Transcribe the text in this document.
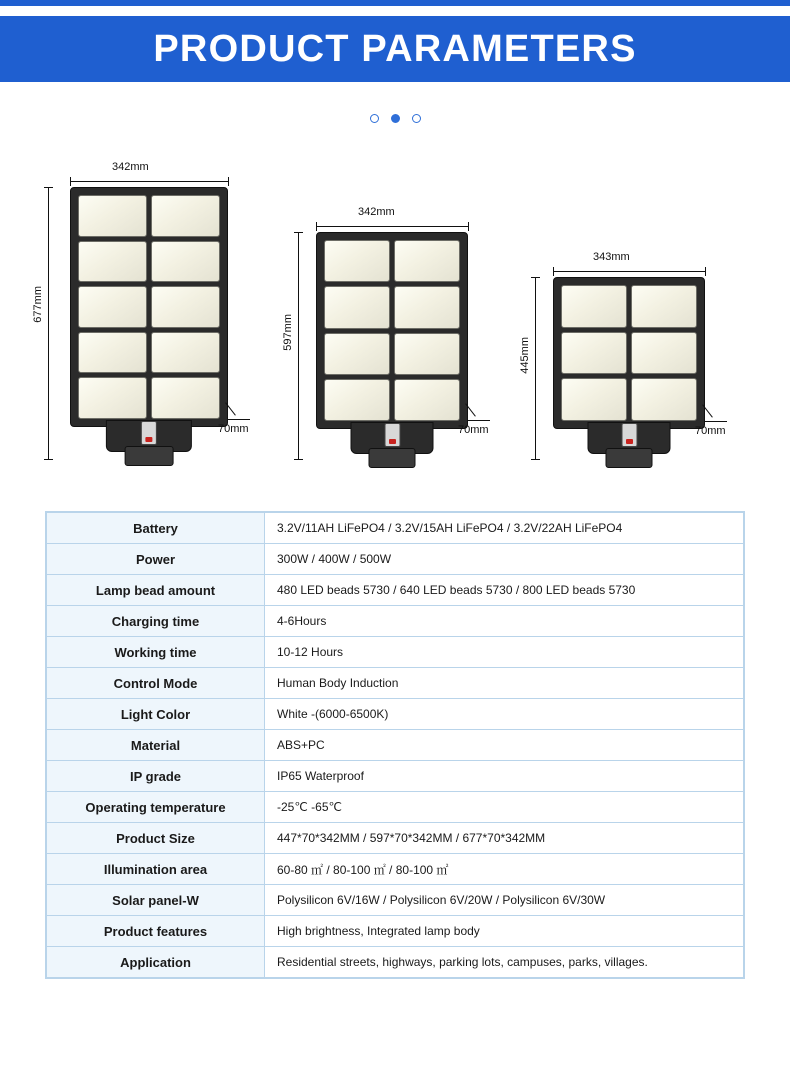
PRODUCT PARAMETERS
342mm
677mm
70mm
342mm
597mm
70mm
343mm
445mm
70mm
Battery	3.2V/11AH LiFePO4 / 3.2V/15AH LiFePO4 / 3.2V/22AH LiFePO4
Power	300W / 400W / 500W
Lamp bead amount	480 LED beads 5730 / 640 LED beads 5730 / 800 LED beads 5730
Charging time	4-6Hours
Working time	10-12 Hours
Control Mode	Human Body Induction
Light Color	White -(6000-6500K)
Material	ABS+PC
IP grade	IP65 Waterproof
Operating temperature	-25℃ -65℃
Product Size	447*70*342MM / 597*70*342MM / 677*70*342MM
Illumination area	60-80 ㎡ / 80-100 ㎡ / 80-100 ㎡
Solar panel-W	Polysilicon 6V/16W / Polysilicon 6V/20W / Polysilicon 6V/30W
Product features	High brightness, Integrated lamp body
Application	Residential streets, highways, parking lots, campuses, parks, villages.
